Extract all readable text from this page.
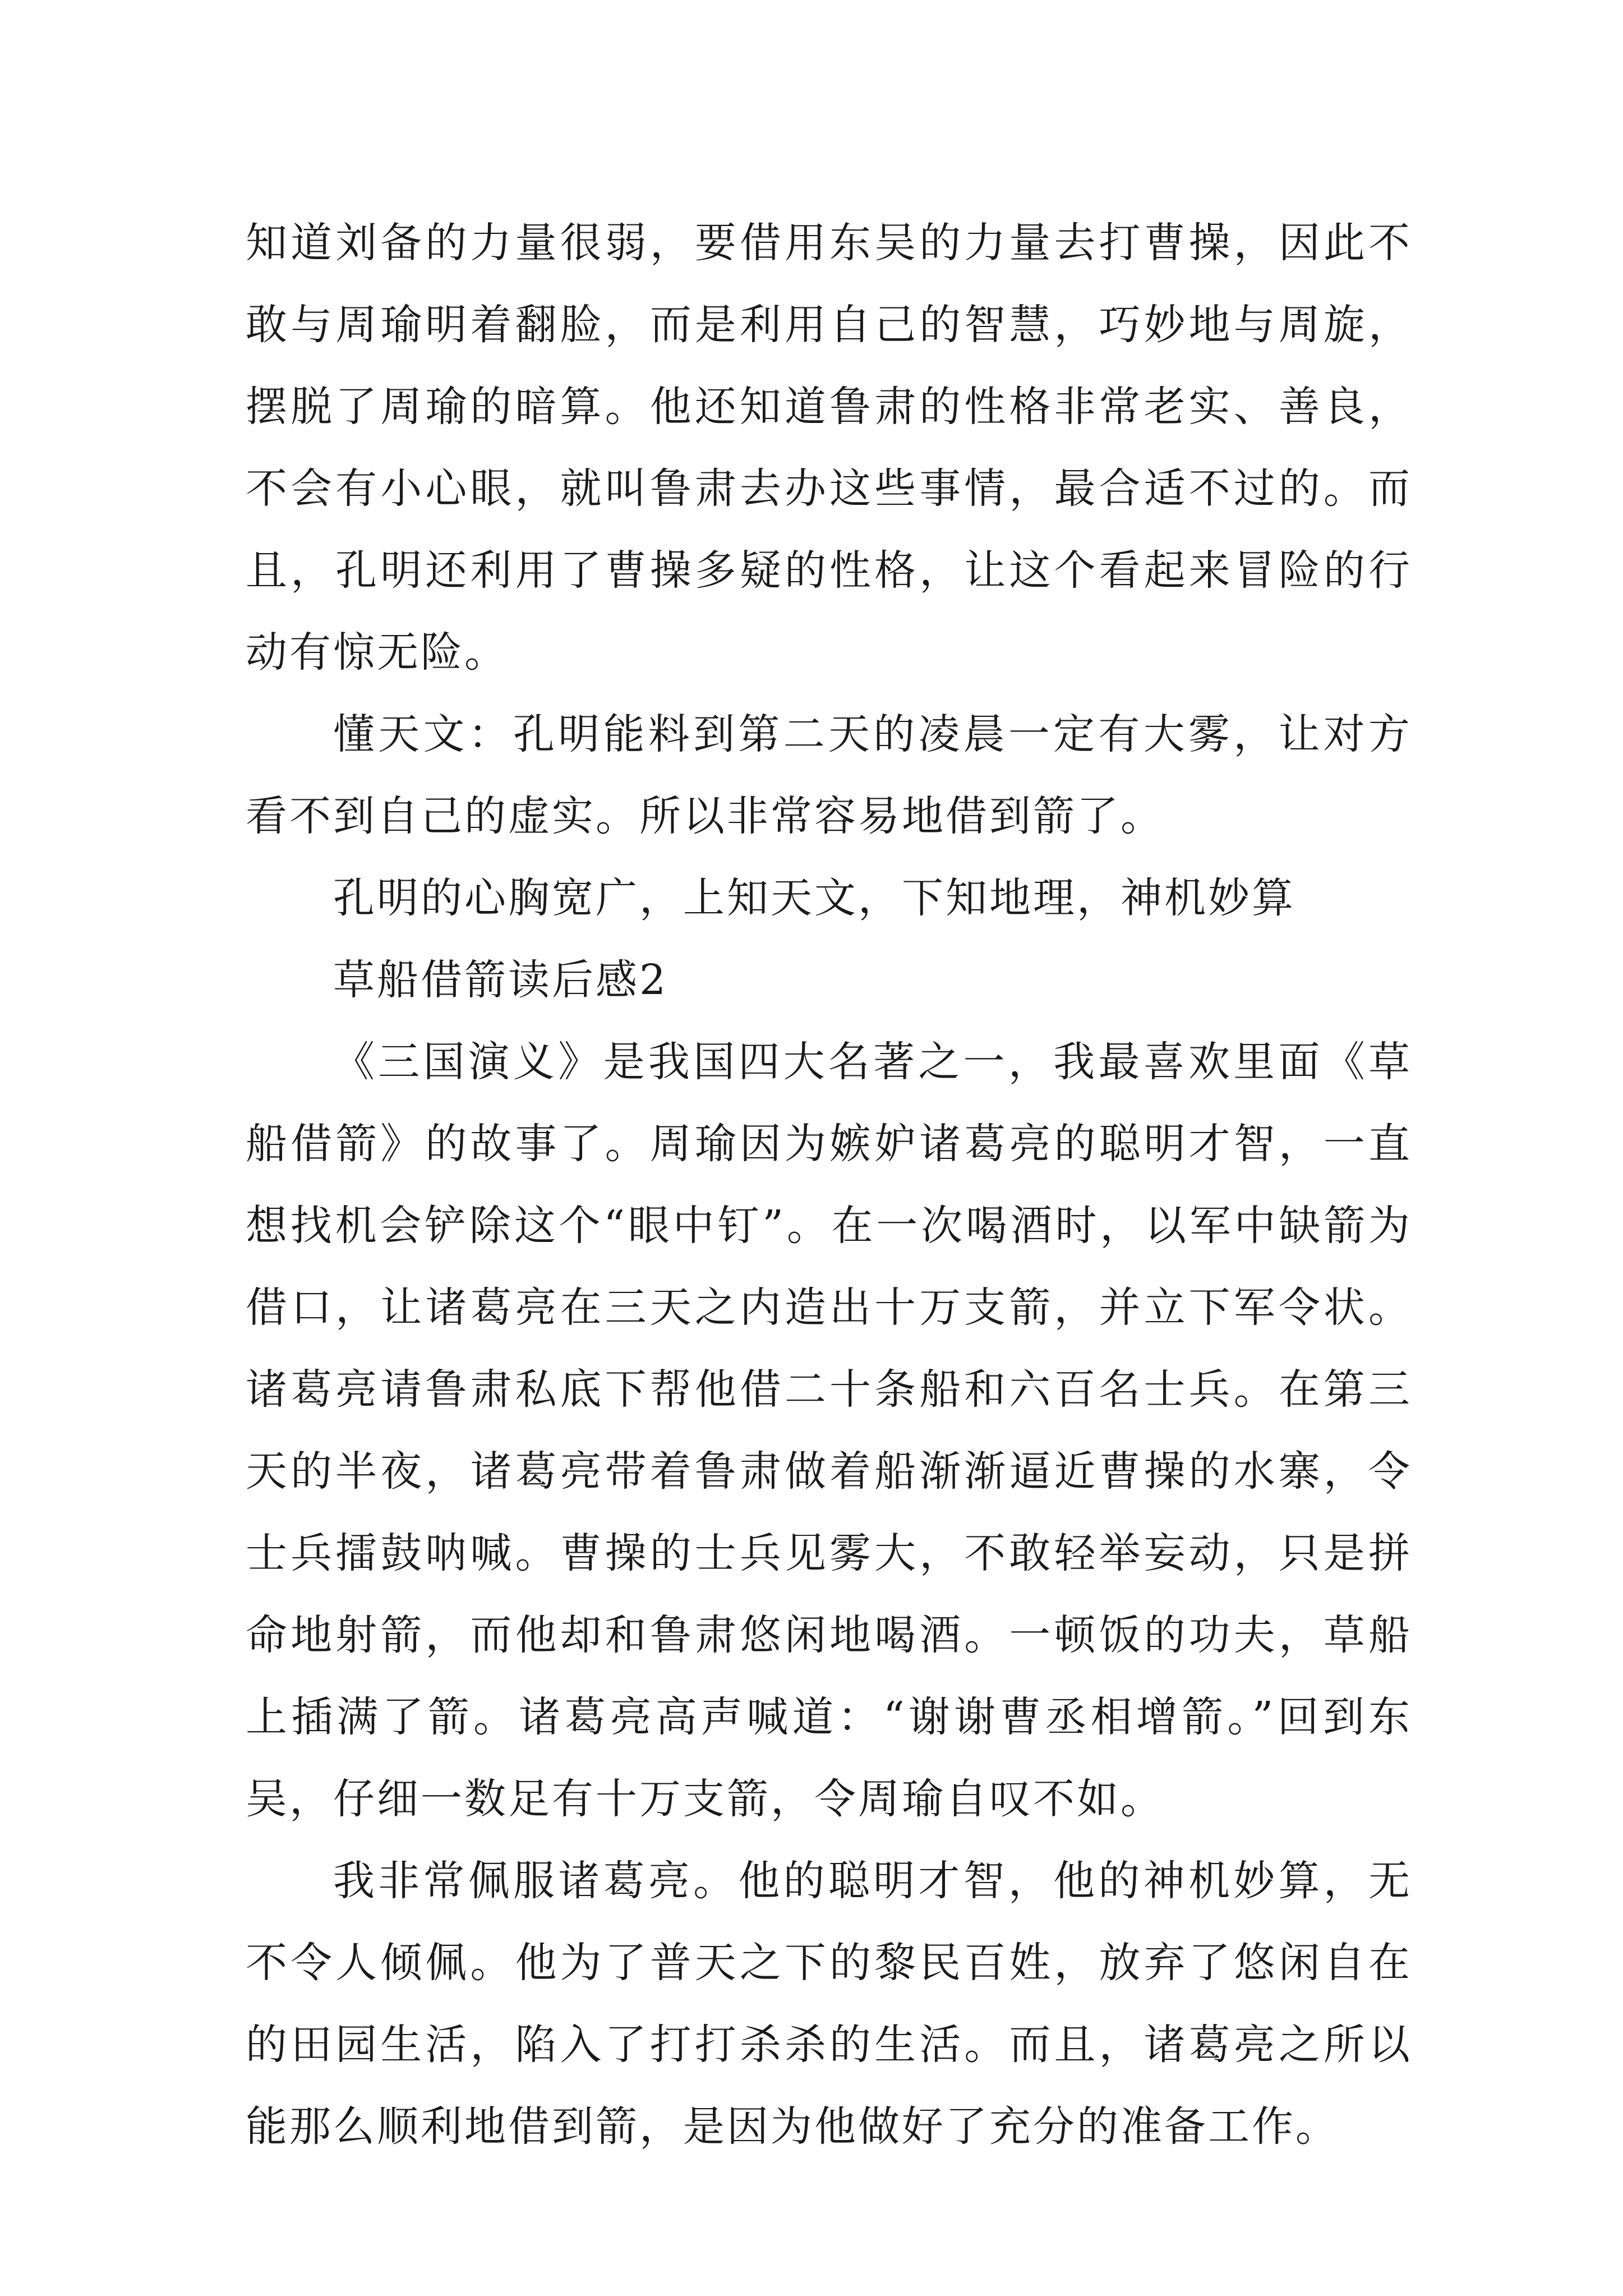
知道刘备的力量很弱，要借用东吴的力量去打曹操，因此不敢与周瑜明着翻脸，而是利用自己的智慧，巧妙地与周旋，摆脱了周瑜的暗算。他还知道鲁肃的性格非常老实、善良，不会有小心眼，就叫鲁肃去办这些事情，最合适不过的。而且，孔明还利用了曹操多疑的性格，让这个看起来冒险的行动有惊无险。

懂天文：孔明能料到第二天的凌晨一定有大雾，让对方看不到自己的虚实。所以非常容易地借到箭了。

孔明的心胸宽广，上知天文，下知地理，神机妙算

草船借箭读后感2

《三国演义》是我国四大名著之一，我最喜欢里面《草船借箭》的故事了。周瑜因为嫉妒诸葛亮的聪明才智，一直想找机会铲除这个“眼中钉”。在一次喝酒时，以军中缺箭为借口，让诸葛亮在三天之内造出十万支箭，并立下军令状。诸葛亮请鲁肃私底下帮他借二十条船和六百名士兵。在第三天的半夜，诸葛亮带着鲁肃做着船渐渐逼近曹操的水寨，令士兵擂鼓呐喊。曹操的士兵见雾大，不敢轻举妄动，只是拼命地射箭，而他却和鲁肃悠闲地喝酒。一顿饭的功夫，草船上插满了箭。诸葛亮高声喊道：“谢谢曹丞相增箭。”回到东吴，仔细一数足有十万支箭，令周瑜自叹不如。

我非常佩服诸葛亮。他的聪明才智，他的神机妙算，无不令人倾佩。他为了普天之下的黎民百姓，放弃了悠闲自在的田园生活，陷入了打打杀杀的生活。而且，诸葛亮之所以能那么顺利地借到箭，是因为他做好了充分的准备工作。
